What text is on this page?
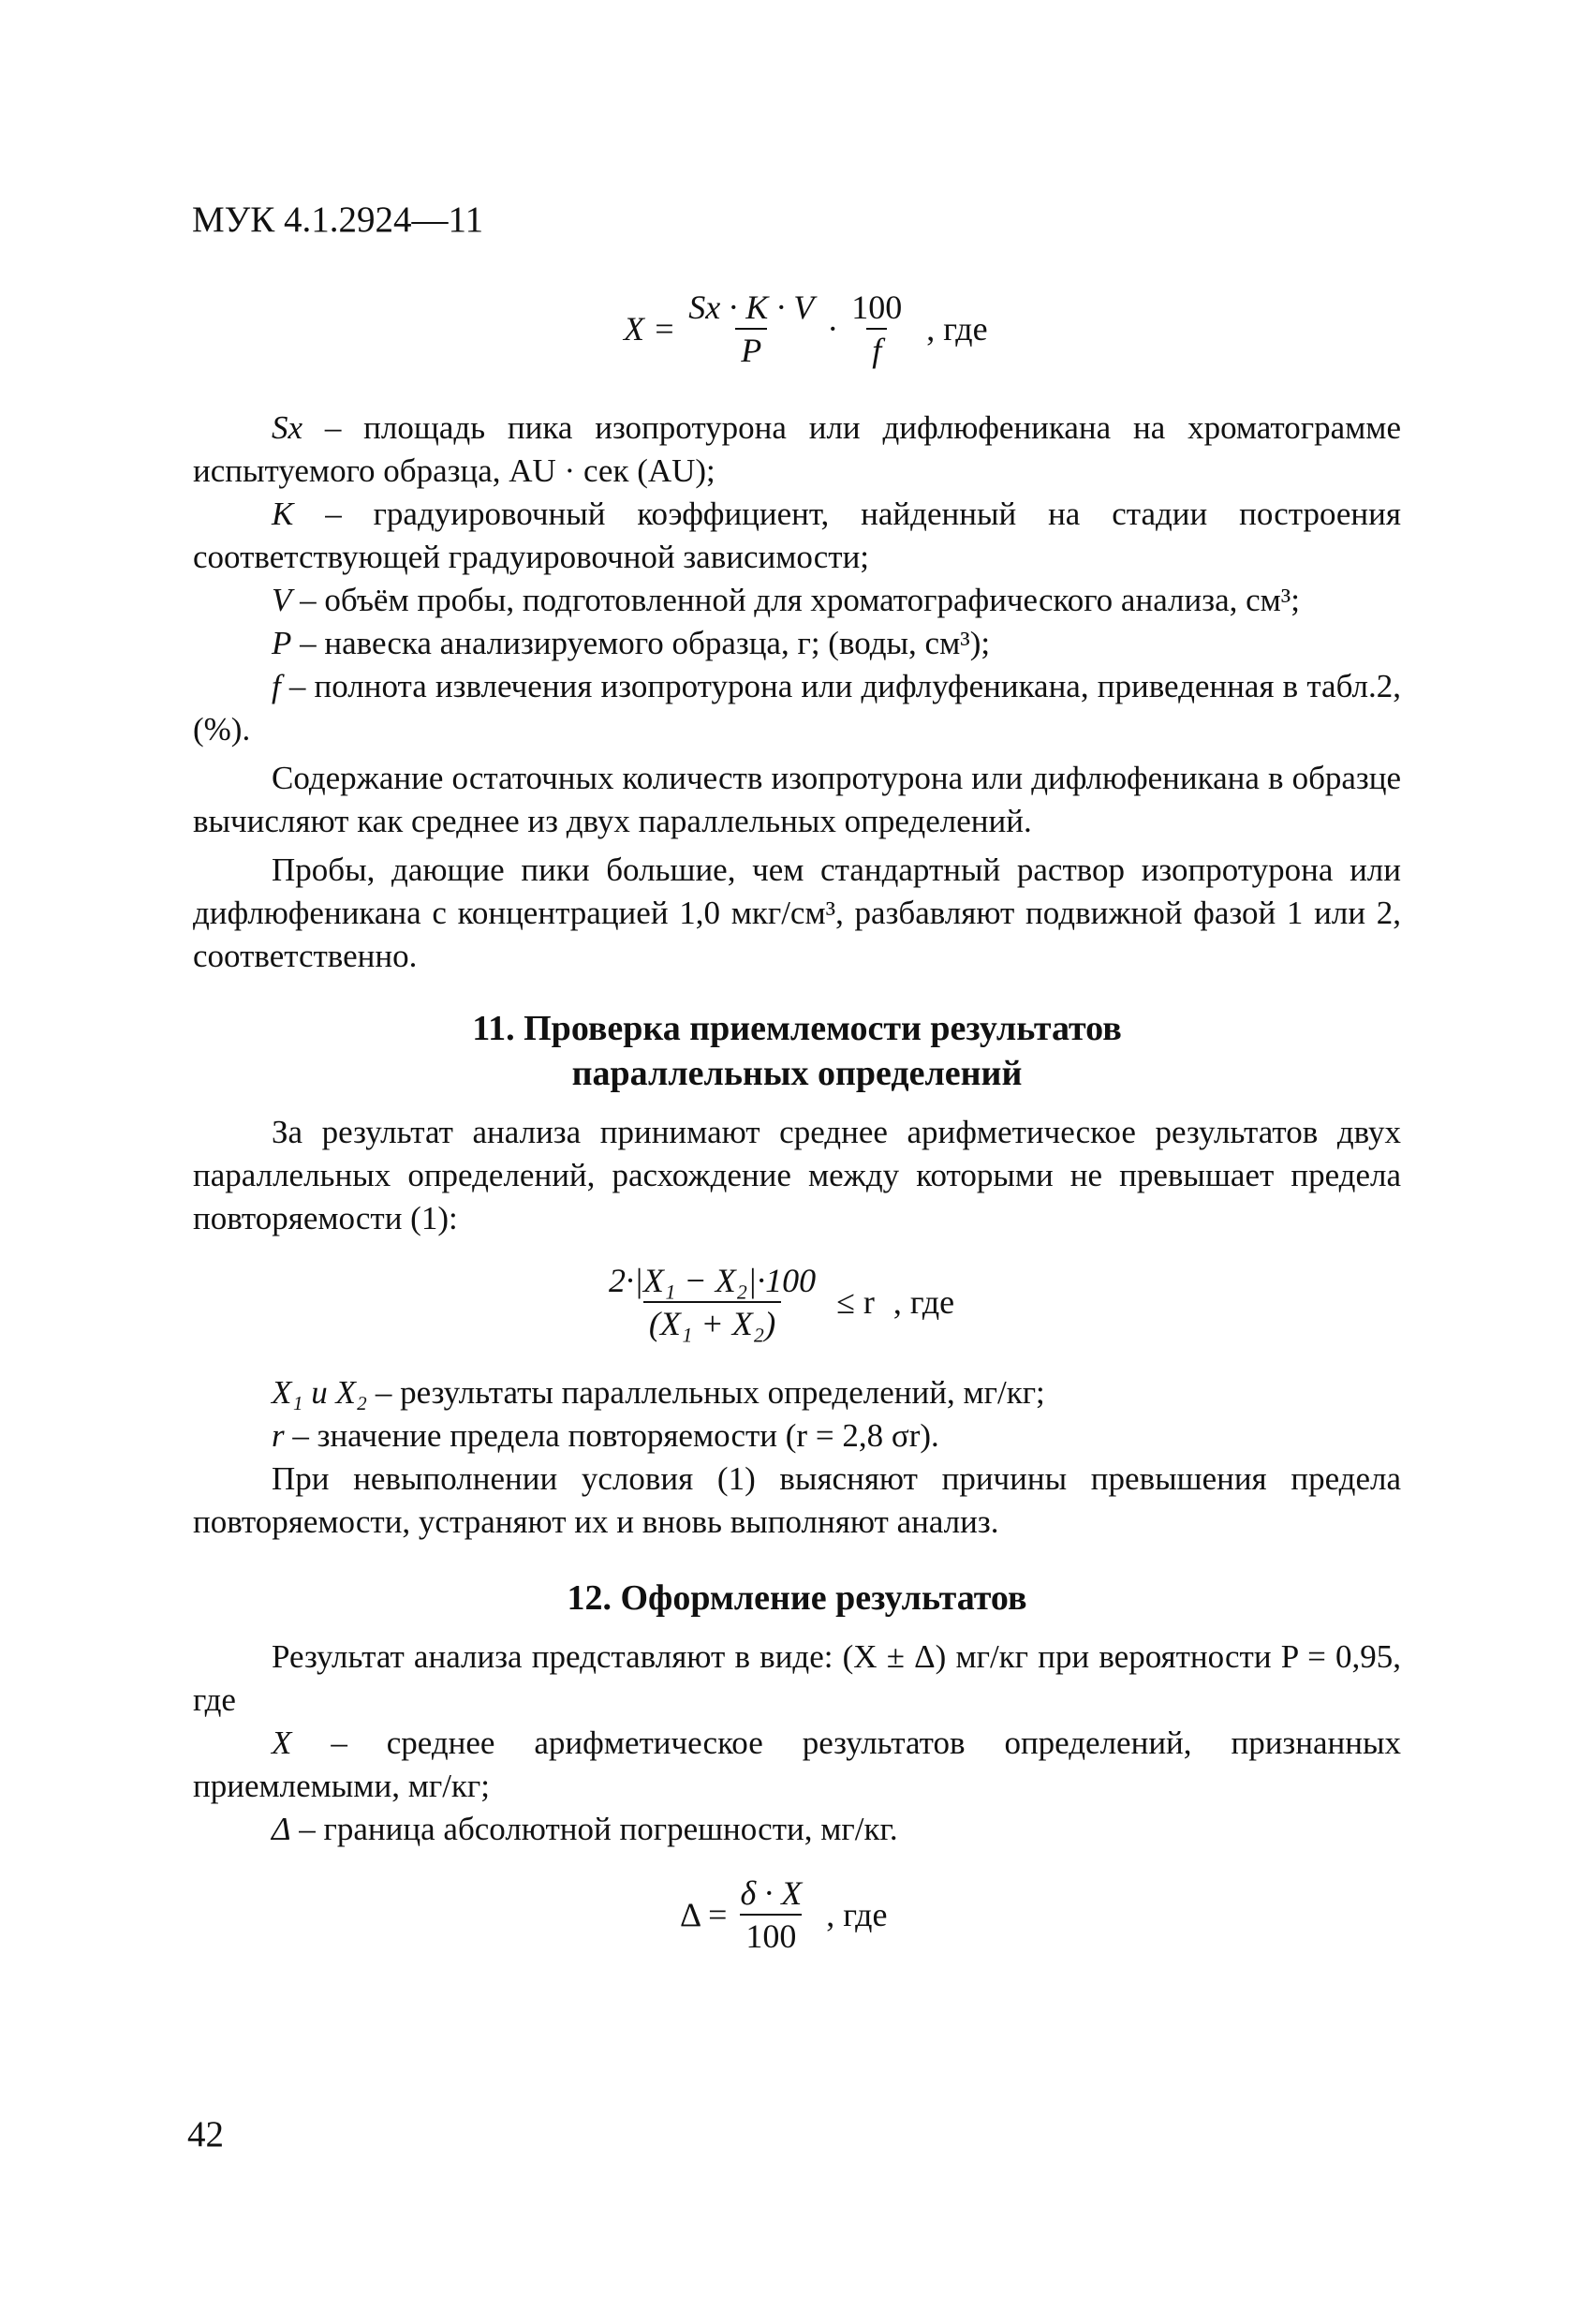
МУК 4.1.2924—11
$X = \frac{Sx \cdot K \cdot V}{P} \cdot \frac{100}{f}$ , где

Sx – площадь пика изопротурона или дифлюфеникана на хроматограмме испытуемого образца, AU · сек (AU);

K – градуировочный коэффициент, найденный на стадии построения соответствующей градуировочной зависимости;

V – объём пробы, подготовленной для хроматографического анализа, см³;

P – навеска анализируемого образца, г; (воды, см³);

f – полнота извлечения изопротурона или дифлуфеникана, приведенная в табл.2, (%).

Содержание остаточных количеств изопротурона или дифлюфеникана в образце вычисляют как среднее из двух параллельных определений.

Пробы, дающие пики большие, чем стандартный раствор изопротурона или дифлюфеникана с концентрацией 1,0 мкг/см³, разбавляют подвижной фазой 1 или 2, соответственно.

11. Проверка приемлемости результатов
параллельных определений

За результат анализа принимают среднее арифметическое результатов двух параллельных определений, расхождение между которыми не превышает предела повторяемости (1):

$\frac{\text{2·|X₁ − X₂|·100}}{\text{(X₁ + X₂)}} \le r$ , где

X₁ и X₂ – результаты параллельных определений, мг/кг;

r – значение предела повторяемости (r = 2,8 σr).

При невыполнении условия (1) выясняют причины превышения предела повторяемости, устраняют их и вновь выполняют анализ.

12. Оформление результатов

Результат анализа представляют в виде: (X ± Δ) мг/кг при вероятности P = 0,95, где

X – среднее арифметическое результатов определений, признанных приемлемыми, мг/кг;

Δ – граница абсолютной погрешности, мг/кг.

$\Delta = \frac{\delta \cdot X}{100}$ , где
42
